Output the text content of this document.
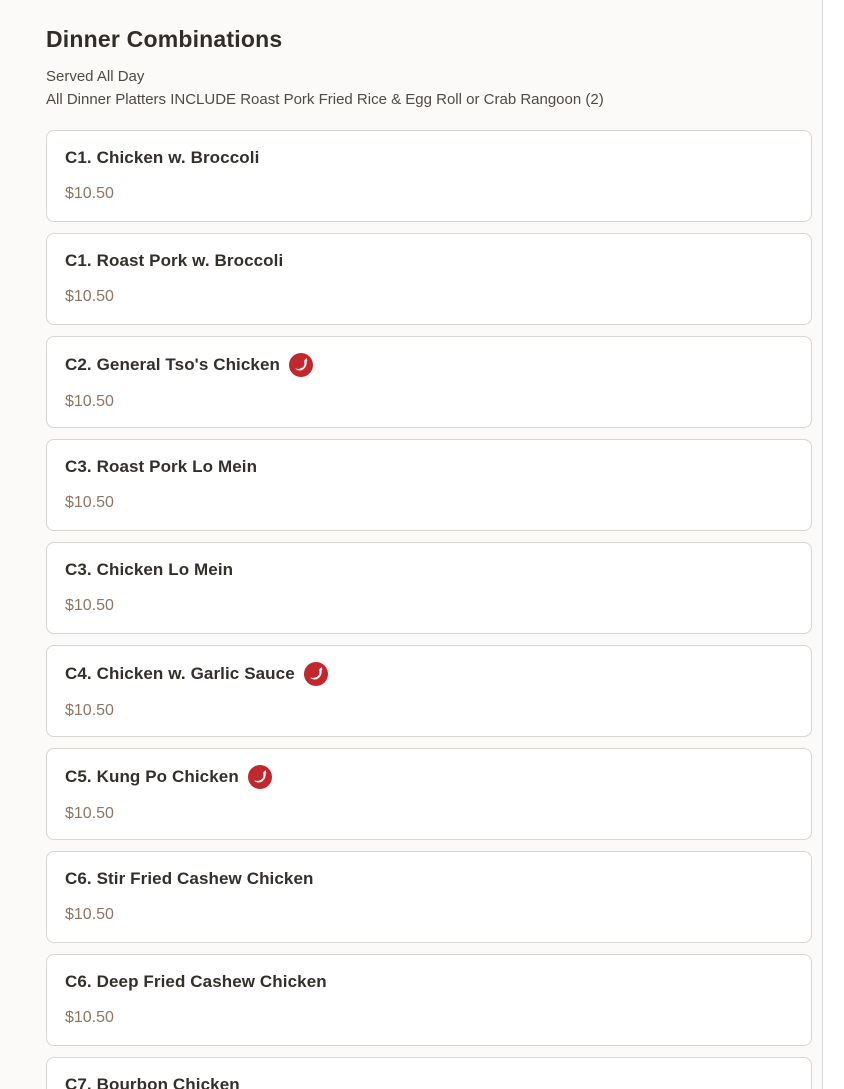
Dinner Combinations
Served All Day
All Dinner Platters INCLUDE Roast Pork Fried Rice & Egg Roll or Crab Rangoon (2)
C1. Chicken w. Broccoli
$10.50
C1. Roast Pork w. Broccoli
$10.50
C2. General Tso's Chicken
$10.50
C3. Roast Pork Lo Mein
$10.50
C3. Chicken Lo Mein
$10.50
C4. Chicken w. Garlic Sauce
$10.50
C5. Kung Po Chicken
$10.50
C6. Stir Fried Cashew Chicken
$10.50
C6. Deep Fried Cashew Chicken
$10.50
C7. Bourbon Chicken
